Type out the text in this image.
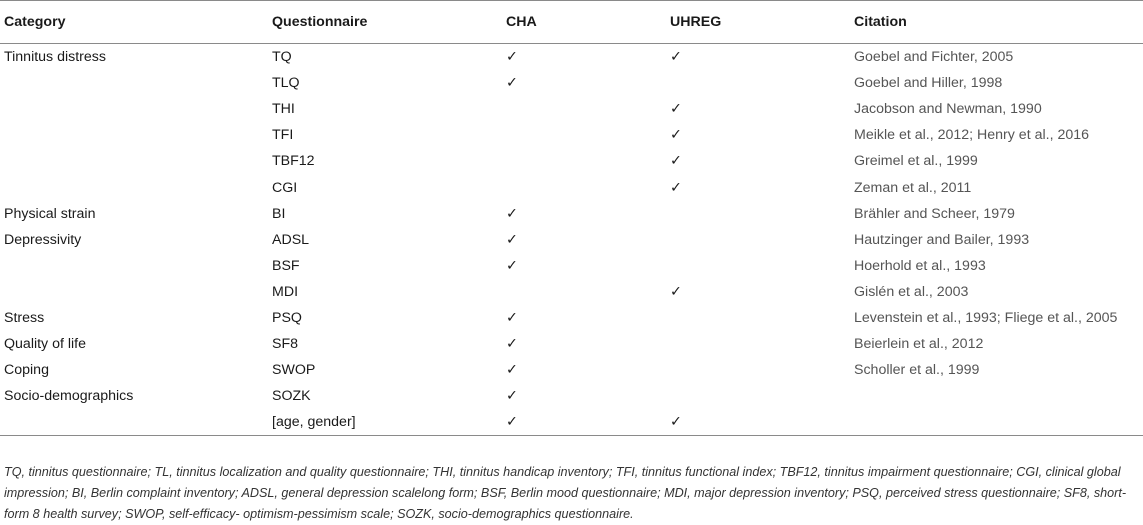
Category	Questionnaire	CHA	UHREG	Citation
Tinnitus distress	TQ	✓	✓	Goebel and Fichter, 2005
	TLQ	✓		Goebel and Hiller, 1998
	THI		✓	Jacobson and Newman, 1990
	TFI		✓	Meikle et al., 2012; Henry et al., 2016
	TBF12		✓	Greimel et al., 1999
	CGI		✓	Zeman et al., 2011
Physical strain	BI	✓		Brähler and Scheer, 1979
Depressivity	ADSL	✓		Hautzinger and Bailer, 1993
	BSF	✓		Hoerhold et al., 1993
	MDI		✓	Gislén et al., 2003
Stress	PSQ	✓		Levenstein et al., 1993; Fliege et al., 2005
Quality of life	SF8	✓		Beierlein et al., 2012
Coping	SWOP	✓		Scholler et al., 1999
Socio-demographics	SOZK	✓		
	[age, gender]	✓	✓	
TQ, tinnitus questionnaire; TL, tinnitus localization and quality questionnaire; THI, tinnitus handicap inventory; TFI, tinnitus functional index; TBF12, tinnitus impairment questionnaire; CGI, clinical global impression; BI, Berlin complaint inventory; ADSL, general depression scalelong form; BSF, Berlin mood questionnaire; MDI, major depression inventory; PSQ, perceived stress questionnaire; SF8, short-form 8 health survey; SWOP, self-efficacy- optimism-pessimism scale; SOZK, socio-demographics questionnaire.
